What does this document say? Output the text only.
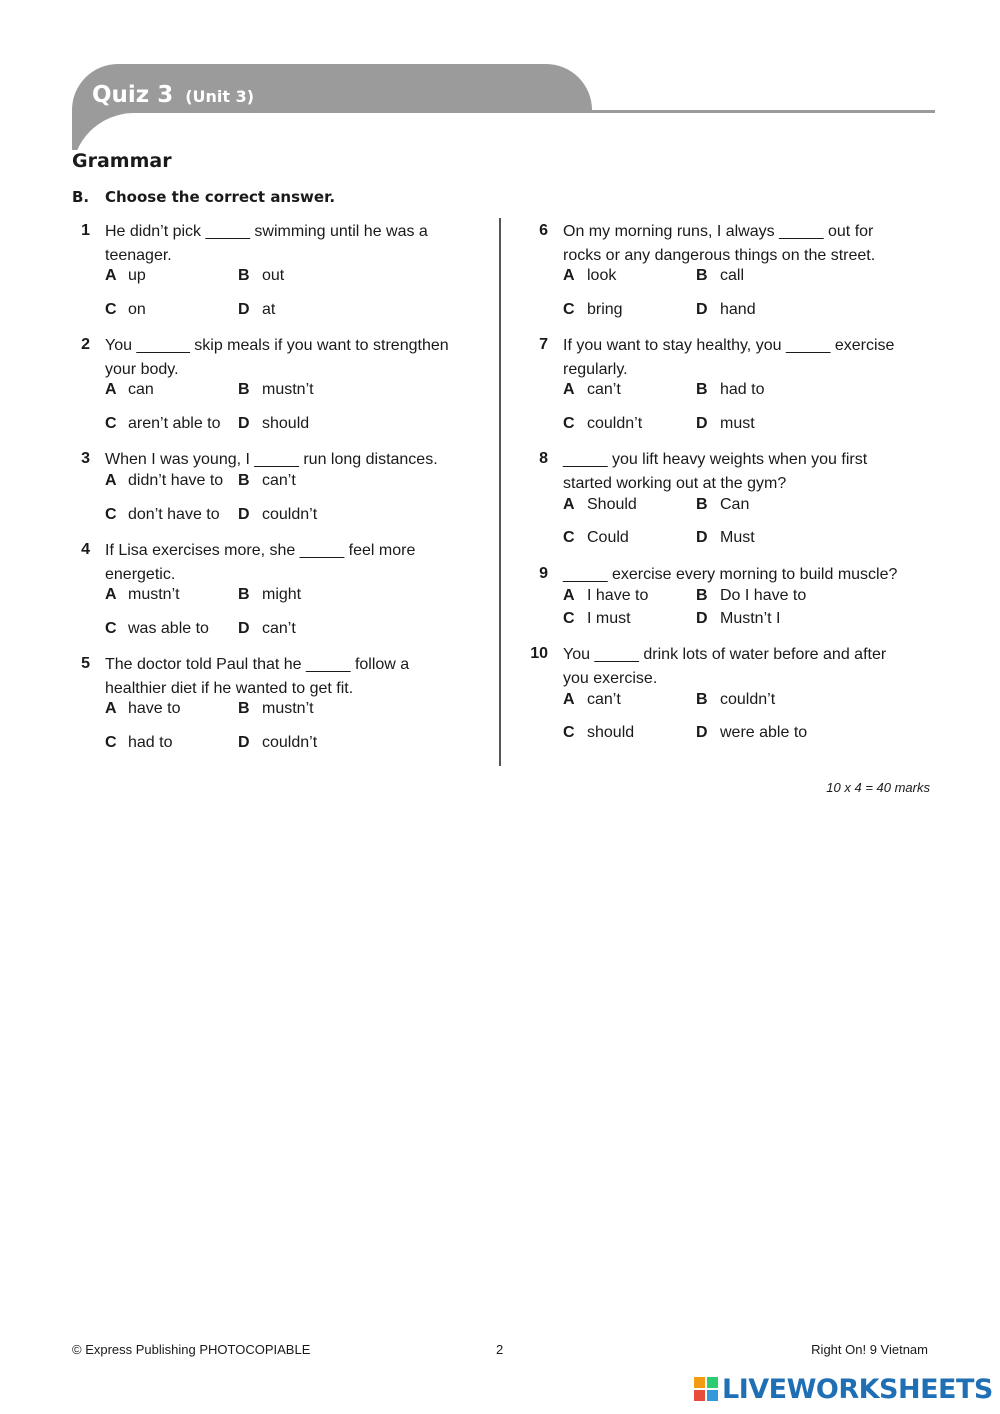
Quiz 3 (Unit 3)
Grammar
B. Choose the correct answer.
1 He didn’t pick _____ swimming until he was a
teenager.
A up	B out
C on	D at
2 You ______ skip meals if you want to strengthen
your body.
A can	B mustn’t
C aren’t able to D should
3 When I was young, I _____ run long distances.
A didn’t have to B can’t
C don’t have to D couldn’t
4 If Lisa exercises more, she _____ feel more
energetic.
A mustn’t	B might
C was able to D can’t
5 The doctor told Paul that he _____ follow a
healthier diet if he wanted to get fit.
A have to	B mustn’t
C had to	D couldn’t
6 On my morning runs, I always _____ out for
rocks or any dangerous things on the street.
A look	B call
C bring	D hand
7 If you want to stay healthy, you _____ exercise
regularly.
A can’t	B had to
C couldn’t	D must
8 _____ you lift heavy weights when you first
started working out at the gym?
A Should	B Can
C Could	D Must
9 _____ exercise every morning to build muscle?
A I have to	B Do I have to
C I must	D Mustn’t I
10 You _____ drink lots of water before and after
you exercise.
A can’t	B couldn’t
C should	D were able to
10 x 4 = 40 marks
© Express Publishing PHOTOCOPIABLE	2	Right On! 9 Vietnam
LIVEWORKSHEETS
